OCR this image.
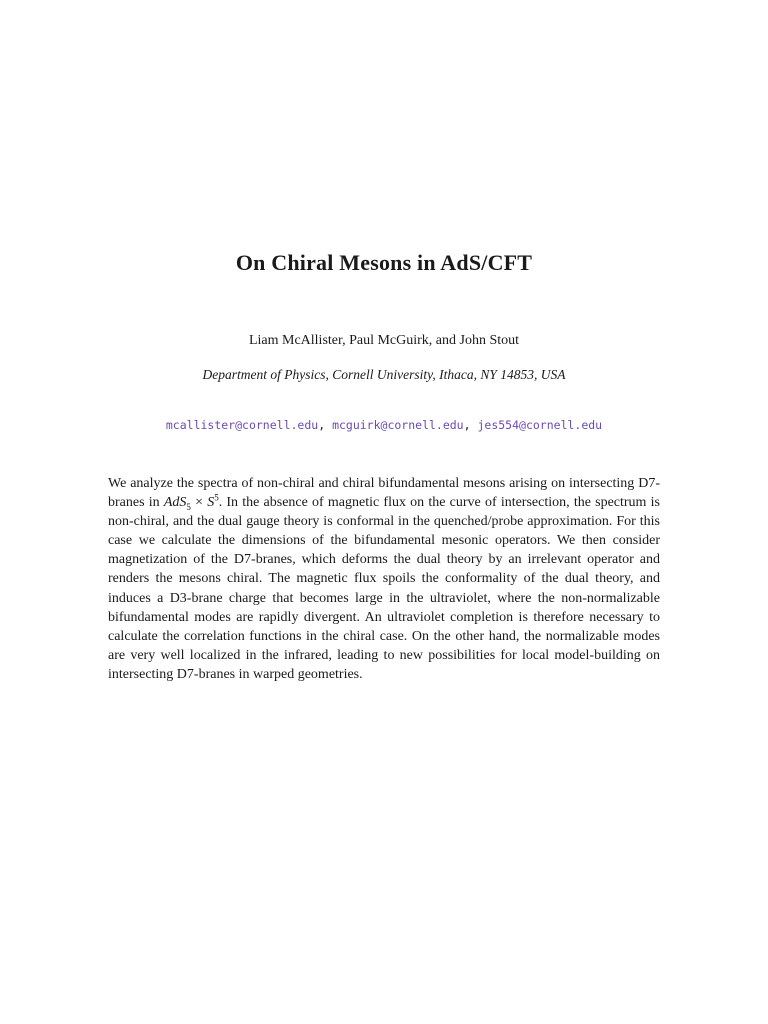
On Chiral Mesons in AdS/CFT
Liam McAllister, Paul McGuirk, and John Stout
Department of Physics, Cornell University, Ithaca, NY 14853, USA
mcallister@cornell.edu, mcguirk@cornell.edu, jes554@cornell.edu

We analyze the spectra of non-chiral and chiral bifundamental mesons arising on intersecting D7-branes in $AdS_5 \times S^5$. In the absence of magnetic flux on the curve of intersection, the spectrum is non-chiral, and the dual gauge theory is conformal in the quenched/probe approximation. For this case we calculate the dimensions of the bifundamental mesonic operators. We then consider magnetization of the D7-branes, which deforms the dual theory by an irrelevant operator and renders the mesons chiral. The magnetic flux spoils the conformality of the dual theory, and induces a D3-brane charge that becomes large in the ultraviolet, where the non-normalizable bifundamental modes are rapidly divergent. An ultraviolet completion is therefore necessary to calculate the correlation functions in the chiral case. On the other hand, the normalizable modes are very well localized in the infrared, leading to new possibilities for local model-building on intersecting D7-branes in warped geometries.
